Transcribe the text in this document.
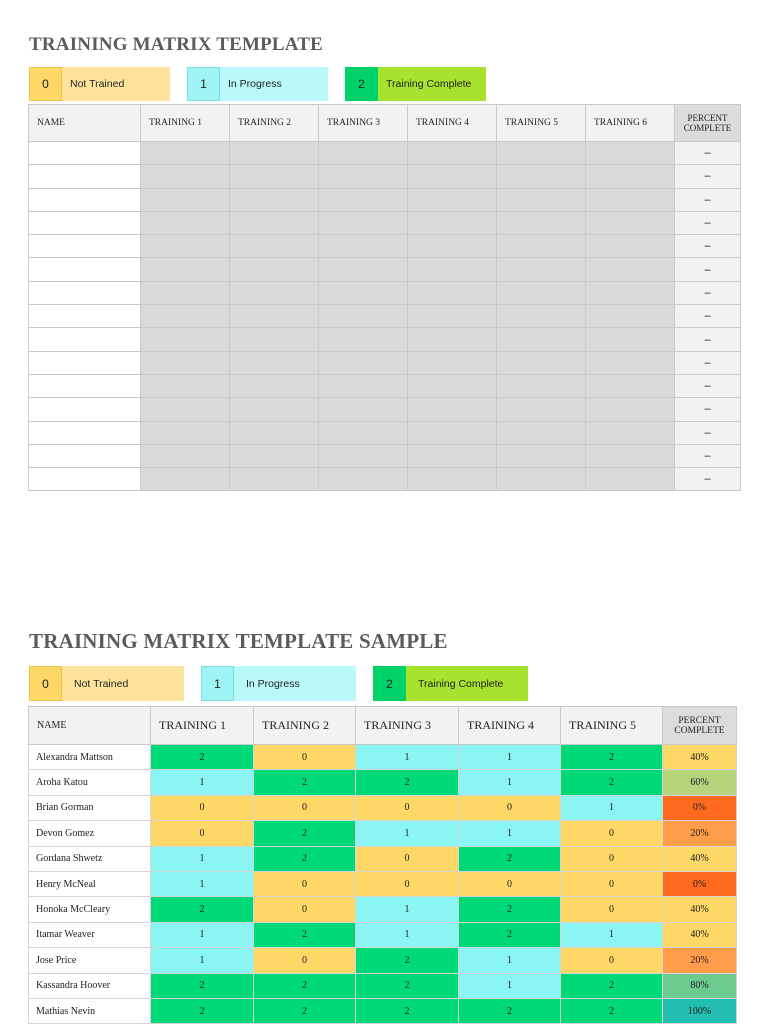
TRAINING MATRIX TEMPLATE
0	Not Trained	1	In Progress	2	Training Complete
NAME	TRAINING 1	TRAINING 2	TRAINING 3	TRAINING 4	TRAINING 5	TRAINING 6	PERCENT
COMPLETE
							–
							–
							–
							–
							–
							–
							–
							–
							–
							–
							–
							–
							–
							–
							–
TRAINING MATRIX TEMPLATE SAMPLE
0	Not Trained	1	In Progress	2	Training Complete
NAME	TRAINING 1	TRAINING 2	TRAINING 3	TRAINING 4	TRAINING 5	PERCENT
COMPLETE
Alexandra Mattson	2	0	1	1	2	40%
Aroha Katou	1	2	2	1	2	60%
Brian Gorman	0	0	0	0	1	0%
Devon Gomez	0	2	1	1	0	20%
Gordana Shwetz	1	2	0	2	0	40%
Henry McNeal	1	0	0	0	0	0%
Honoka McCleary	2	0	1	2	0	40%
Itamar Weaver	1	2	1	2	1	40%
Jose Price	1	0	2	1	0	20%
Kassandra Hoover	2	2	2	1	2	80%
Mathias Nevin	2	2	2	2	2	100%
